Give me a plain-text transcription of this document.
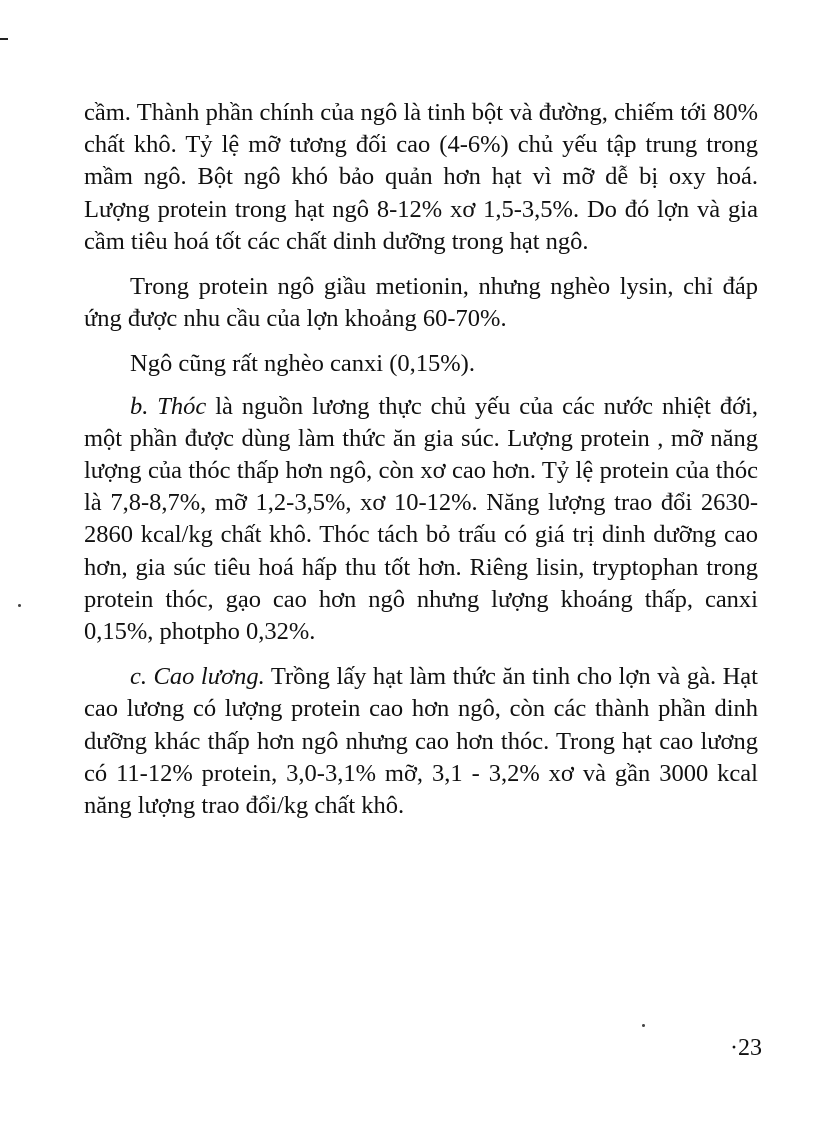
cầm. Thành phần chính của ngô là tinh bột và đường, chiếm tới 80% chất khô. Tỷ lệ mỡ tương đối cao (4-6%) chủ yếu tập trung trong mầm ngô. Bột ngô khó bảo quản hơn hạt vì mỡ dễ bị oxy hoá. Lượng protein trong hạt ngô 8-12% xơ 1,5-3,5%. Do đó lợn và gia cầm tiêu hoá tốt các chất dinh dưỡng trong hạt ngô.

Trong protein ngô giầu metionin, nhưng nghèo lysin, chỉ đáp ứng được nhu cầu của lợn khoảng 60-70%.

Ngô cũng rất nghèo canxi (0,15%).

b. Thóc là nguồn lương thực chủ yếu của các nước nhiệt đới, một phần được dùng làm thức ăn gia súc. Lượng protein , mỡ năng lượng của thóc thấp hơn ngô, còn xơ cao hơn. Tỷ lệ protein của thóc là 7,8-8,7%, mỡ 1,2-3,5%, xơ 10-12%. Năng lượng trao đổi 2630-2860 kcal/kg chất khô. Thóc tách bỏ trấu có giá trị dinh dưỡng cao hơn, gia súc tiêu hoá hấp thu tốt hơn. Riêng lisin, tryptophan trong protein thóc, gạo cao hơn ngô nhưng lượng khoáng thấp, canxi 0,15%, photpho 0,32%.

c. Cao lương. Trồng lấy hạt làm thức ăn tinh cho lợn và gà. Hạt cao lương có lượng protein cao hơn ngô, còn các thành phần dinh dưỡng khác thấp hơn ngô nhưng cao hơn thóc. Trong hạt cao lương có 11-12% protein, 3,0-3,1% mỡ, 3,1 - 3,2% xơ và gần 3000 kcal năng lượng trao đổi/kg chất khô.

·23
